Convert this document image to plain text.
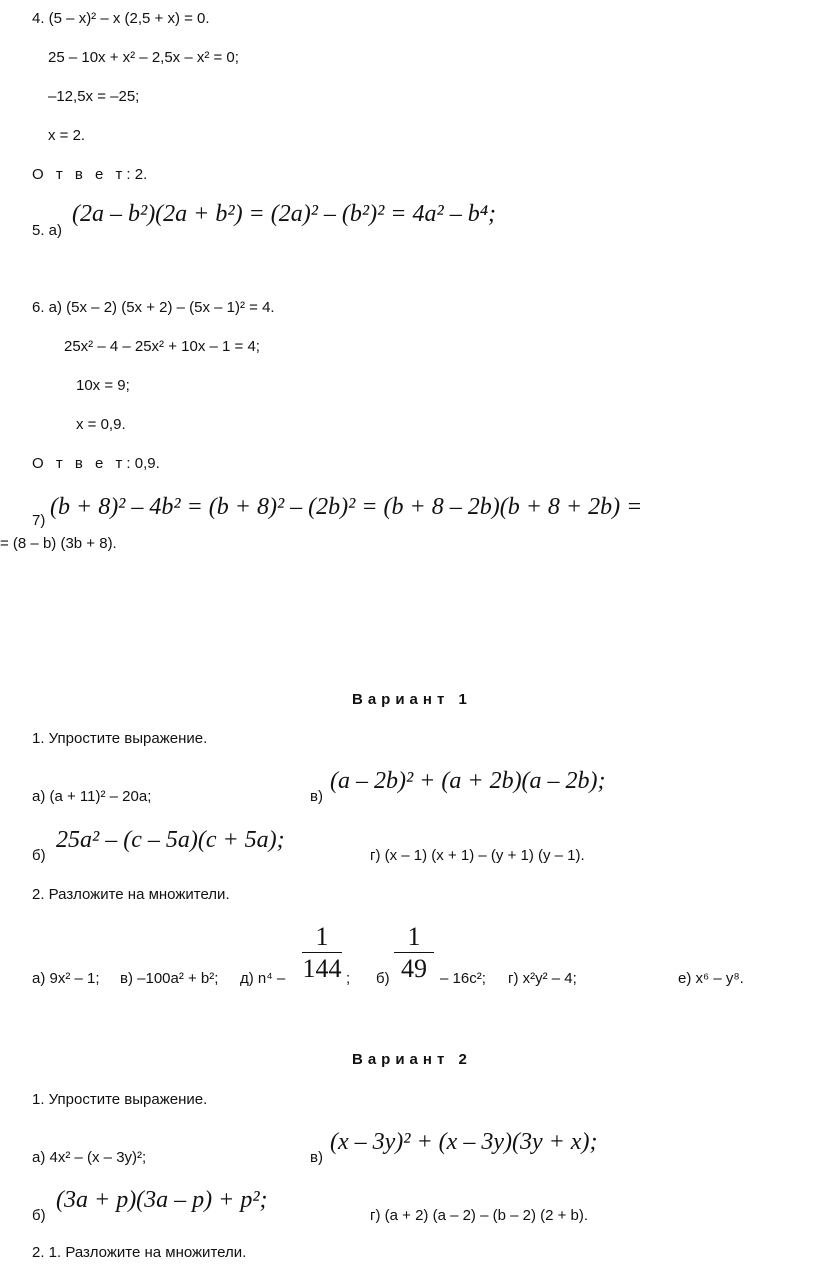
4. (5 – x)² – x (2,5 + x) = 0.
25 – 10x + x² – 2,5x – x² = 0;
–12,5x = –25;
x = 2.
О т в е т: 2.
5. а)
(2a – b²)(2a + b²) = (2a)² – (b²)² = 4a² – b⁴;
6. а) (5x – 2) (5x + 2) – (5x – 1)² = 4.
25x² – 4 – 25x² + 10x – 1 = 4;
10x = 9;
x = 0,9.
О т в е т: 0,9.
7)
(b + 8)² – 4b² = (b + 8)² – (2b)² = (b + 8 – 2b)(b + 8 + 2b) =
= (8 – b) (3b + 8).
Вариант 1
1. Упростите выражение.
а) (a + 11)² – 20a;	в)
(a – 2b)² + (a + 2b)(a – 2b);
б)
25a² – (c – 5a)(c + 5a);
г) (x – 1) (x + 1) – (y + 1) (y – 1).
2. Разложите на множители.
а) 9x² – 1; в) –100a² + b²; д) n⁴ –
1
144 ; б)
1
49 – 16c²; г) x²y² – 4;	е) x⁶ – y⁸.
Вариант 2
1. Упростите выражение.
а) 4x² – (x – 3y)²;	в)
(x – 3y)² + (x – 3y)(3y + x);
б)
(3a + p)(3a – p) + p²;
г) (a + 2) (a – 2) – (b – 2) (2 + b).
2. 1. Разложите на множители.
